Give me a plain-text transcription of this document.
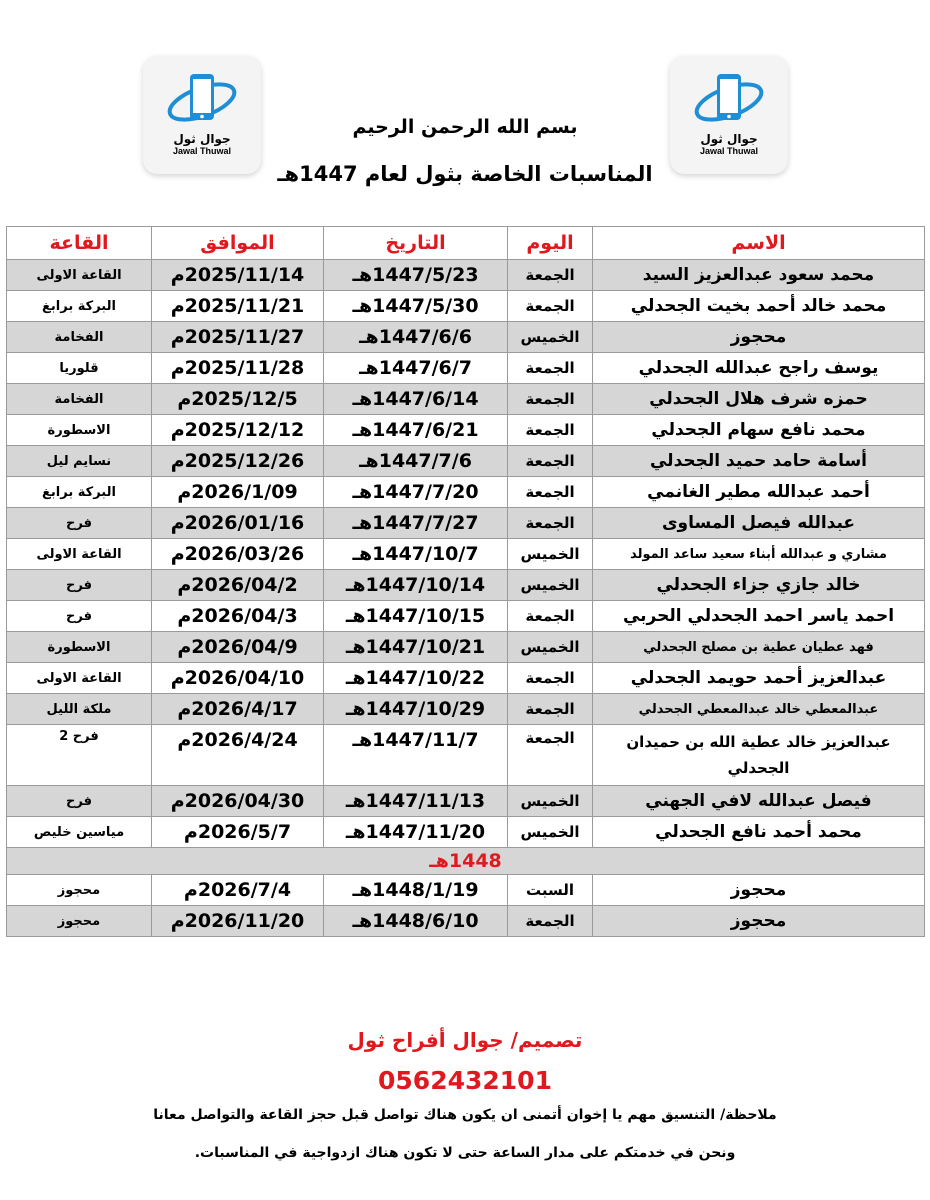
جوال ثول
Jawal Thuwal
جوال ثول
Jawal Thuwal
بسم الله الرحمن الرحيم
المناسبات الخاصة بثول لعام 1447هـ
الاسم	اليوم	التاريخ	الموافق	القاعة
محمد سعود عبدالعزيز السيد	الجمعة	1447/5/23هـ	2025/11/14م	القاعة الاولى
محمد خالد أحمد بخيت الجحدلي	الجمعة	1447/5/30هـ	2025/11/21م	البركة برابغ
محجوز	الخميس	1447/6/6هـ	2025/11/27م	الفخامة
يوسف راجح عبدالله الجحدلي	الجمعة	1447/6/7هـ	2025/11/28م	قلوريا
حمزه شرف هلال الجحدلي	الجمعة	1447/6/14هـ	2025/12/5م	الفخامة
محمد نافع سهام الجحدلي	الجمعة	1447/6/21هـ	2025/12/12م	الاسطورة
أسامة حامد حميد الجحدلي	الجمعة	1447/7/6هـ	2025/12/26م	نسايم ليل
أحمد عبدالله مطير الغانمي	الجمعة	1447/7/20هـ	2026/1/09م	البركة برابغ
عبدالله فيصل المساوى	الجمعة	1447/7/27هـ	2026/01/16م	فرح
مشاري و عبدالله أبناء سعيد ساعد المولد	الخميس	1447/10/7هـ	2026/03/26م	القاعة الاولى
خالد جازي جزاء الجحدلي	الخميس	1447/10/14هـ	2026/04/2م	فرح
احمد ياسر احمد الجحدلي الحربي	الجمعة	1447/10/15هـ	2026/04/3م	فرح
فهد عطيان عطية بن مصلح الجحدلي	الخميس	1447/10/21هـ	2026/04/9م	الاسطورة
عبدالعزيز أحمد حويمد الجحدلي	الجمعة	1447/10/22هـ	2026/04/10م	القاعة الاولى
عبدالمعطي خالد عبدالمعطي الجحدلي	الجمعة	1447/10/29هـ	2026/4/17م	ملكة الليل
عبدالعزيز خالد عطية الله بن حميدان الجحدلي	الجمعة	1447/11/7هـ	2026/4/24م	فرح 2
فيصل عبدالله لافي الجهني	الخميس	1447/11/13هـ	2026/04/30م	فرح
محمد أحمد نافع الجحدلي	الخميس	1447/11/20هـ	2026/5/7م	مياسين خليص
1448هـ				
محجوز	السبت	1448/1/19هـ	2026/7/4م	محجوز
محجوز	الجمعة	1448/6/10هـ	2026/11/20م	محجوز
تصميم/ جوال أفراح ثول
0562432101
ملاحظة/ التنسيق مهم يا إخوان أتمنى ان يكون هناك تواصل قبل حجز القاعة والتواصل معانا
ونحن في خدمتكم على مدار الساعة حتى لا تكون هناك ازدواجية في المناسبات.
